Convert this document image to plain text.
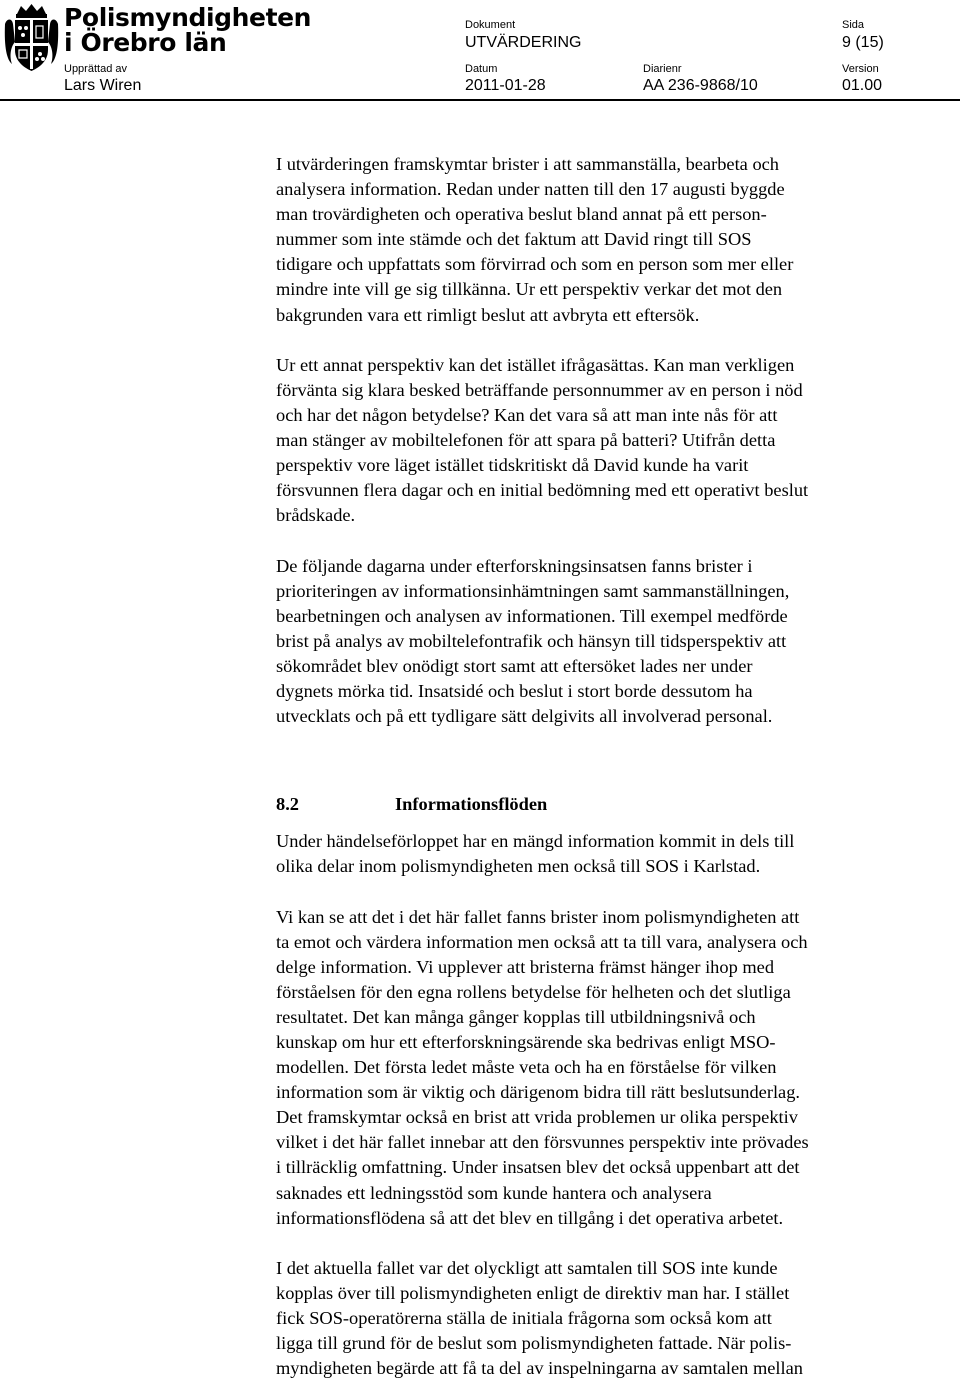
Polismyndigheten
i Örebro län
Dokument
UTVÄRDERING
Sida
9 (15)
Upprättad av
Lars Wiren
Datum
2011-01-28
Diarienr
AA 236-9868/10
Version
01.00

I utvärderingen framskymtar brister i att sammanställa, bearbeta och
analysera information. Redan under natten till den 17 augusti byggde
man trovärdigheten och operativa beslut bland annat på ett person-
nummer som inte stämde och det faktum att David ringt till SOS
tidigare och uppfattats som förvirrad och som en person som mer eller
mindre inte vill ge sig tillkänna. Ur ett perspektiv verkar det mot den
bakgrunden vara ett rimligt beslut att avbryta ett eftersök.

Ur ett annat perspektiv kan det istället ifrågasättas. Kan man verkligen
förvänta sig klara besked beträffande personnummer av en person i nöd
och har det någon betydelse? Kan det vara så att man inte nås för att
man stänger av mobiltelefonen för att spara på batteri? Utifrån detta
perspektiv vore läget istället tidskritiskt då David kunde ha varit
försvunnen flera dagar och en initial bedömning med ett operativt beslut
brådskade.

De följande dagarna under efterforskningsinsatsen fanns brister i
prioriteringen av informationsinhämtningen samt sammanställningen,
bearbetningen och analysen av informationen. Till exempel medförde
brist på analys av mobiltelefontrafik och hänsyn till tidsperspektiv att
sökområdet blev onödigt stort samt att eftersöket lades ner under
dygnets mörka tid. Insatsidé och beslut i stort borde dessutom ha
utvecklats och på ett tydligare sätt delgivits all involverad personal.

8.2	Informationsflöden

Under händelseförloppet har en mängd information kommit in dels till
olika delar inom polismyndigheten men också till SOS i Karlstad.

Vi kan se att det i det här fallet fanns brister inom polismyndigheten att
ta emot och värdera information men också att ta till vara, analysera och
delge information. Vi upplever att bristerna främst hänger ihop med
förståelsen för den egna rollens betydelse för helheten och det slutliga
resultatet. Det kan många gånger kopplas till utbildningsnivå och
kunskap om hur ett efterforskningsärende ska bedrivas enligt MSO-
modellen. Det första ledet måste veta och ha en förståelse för vilken
information som är viktig och därigenom bidra till rätt beslutsunderlag.
Det framskymtar också en brist att vrida problemen ur olika perspektiv
vilket i det här fallet innebar att den försvunnes perspektiv inte prövades
i tillräcklig omfattning. Under insatsen blev det också uppenbart att det
saknades ett ledningsstöd som kunde hantera och analysera
informationsflödena så att det blev en tillgång i det operativa arbetet.

I det aktuella fallet var det olyckligt att samtalen till SOS inte kunde
kopplas över till polismyndigheten enligt de direktiv man har. I stället
fick SOS-operatörerna ställa de initiala frågorna som också kom att
ligga till grund för de beslut som polismyndigheten fattade. När polis-
myndigheten begärde att få ta del av inspelningarna av samtalen mellan
